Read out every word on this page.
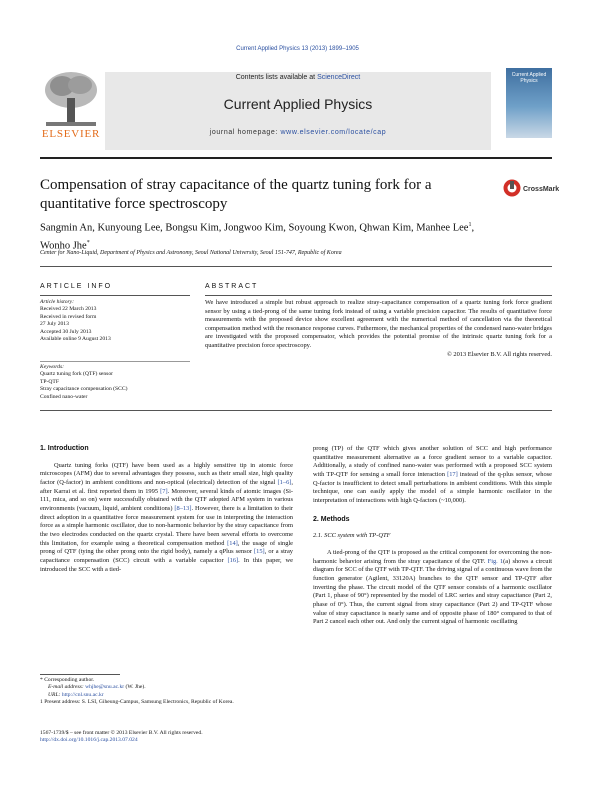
Current Applied Physics 13 (2013) 1899–1905
ELSEVIER
Contents lists available at ScienceDirect
Current Applied Physics
journal homepage: www.elsevier.com/locate/cap
Current Applied Physics
Compensation of stray capacitance of the quartz tuning fork for a quantitative force spectroscopy
CrossMark
Sangmin An, Kunyoung Lee, Bongsu Kim, Jongwoo Kim, Soyoung Kwon, Qhwan Kim, Manhee Lee$^1$, Wonho Jhe*
Center for Nano-Liquid, Department of Physics and Astronomy, Seoul National University, Seoul 151-747, Republic of Korea
ARTICLE INFO	ABSTRACT
Article history:
Received 22 March 2013
Received in revised form
27 July 2013
Accepted 30 July 2013
Available online 9 August 2013
Keywords:
Quartz tuning fork (QTF) sensor
TP-QTF
Stray capacitance compensation (SCC)
Confined nano-water
We have introduced a simple but robust approach to realize stray-capacitance compensation of a quartz tuning fork force gradient sensor by using a tied-prong of the same tuning fork instead of using a variable precision capacitor. The results of quantitative force measurements with the proposed device show excellent agreement with the numerical method of cancellation via the theoretical compensation method with the resonance response curves. Futhermore, the mechanical properties of the condensed nano-water bridges are investigated with the proposed compensator, which provides the potential promise of the intrinsic quartz tuning fork for a quantitative precision force spectroscopy.
© 2013 Elsevier B.V. All rights reserved.
1. Introduction

Quartz tuning forks (QTF) have been used as a highly sensitive tip in atomic force microscopes (AFM) due to several advantages they possess, such as their small size, high quality factor (Q-factor) in ambient conditions and non-optical (electrical) detection of the signal [1–6], after Karrai et al. first reported them in 1995 [7]. Moreover, several kinds of atomic images (Si-111, mica, and so on) were successfully obtained with the QTF adopted AFM system in various environments (vacuum, liquid, ambient conditions) [8–13]. However, there is a limitation to their direct adoption in a quantitative force measurement system for use in interpreting the interaction force as a simple harmonic oscillator, due to non-harmonic behavior by the stray capacitance from the two electrodes conducted on the quartz crystal. There have been several efforts to overcome this limitation, for example using a theoretical compensation method [14], the usage of single prong of QTF (tying the other prong onto the rigid body), namely a qPlus sensor [15], or a stray capacitance compensation (SCC) circuit with a variable capacitor [16]. In this paper, we introduced the SCC with a tied-

prong (TP) of the QTF which gives another solution of SCC and high performance quantitative measurement alternative as a force gradient sensor to a variable capacitor. Additionally, a study of confined nano-water was performed with a proposed SCC system with TP-QTF for sensing a small force interaction [17] instead of the q-plus sensor, whose Q-factor is insufficient to detect small perturbations in ambient conditions. With this simple technique, one can easily apply the model of a simple harmonic oscillator in the interpretation of interactions with high Q-factors (~10,000).

2. Methods
2.1. SCC system with TP-QTF

A tied-prong of the QTF is proposed as the critical component for overcoming the non-harmonic behavior arising from the stray capacitance of the QTF. Fig. 1(a) shows a circuit diagram for SCC of the QTF with TP-QTF. The driving signal of a continuous wave from the function generator (Agilent, 33120A) branches to the QTF sensor and TP-QTF after inverting the phase. The circuit model of the QTF sensor consists of a harmonic oscillator (Part 1, phase of 90°) represented by the model of LRC series and stray capacitance (Part 2, phase of 0°). Thus, the current signal from stray capacitance (Part 2) and TP-QTF whose value of stray capacitance is nearly same and of opposite phase of 180° compared to that of Part 2 cancel each other out. And only the current signal of harmonic oscillating

* Corresponding author.
E-mail address: whjhe@snu.ac.kr (W. Jhe).
URL: http://cnl.snu.ac.kr
1 Present address: S. LSI, Giheung-Campus, Samsung Electronics, Republic of Korea.
1567-1739/$ – see front matter © 2013 Elsevier B.V. All rights reserved.
http://dx.doi.org/10.1016/j.cap.2013.07.024
